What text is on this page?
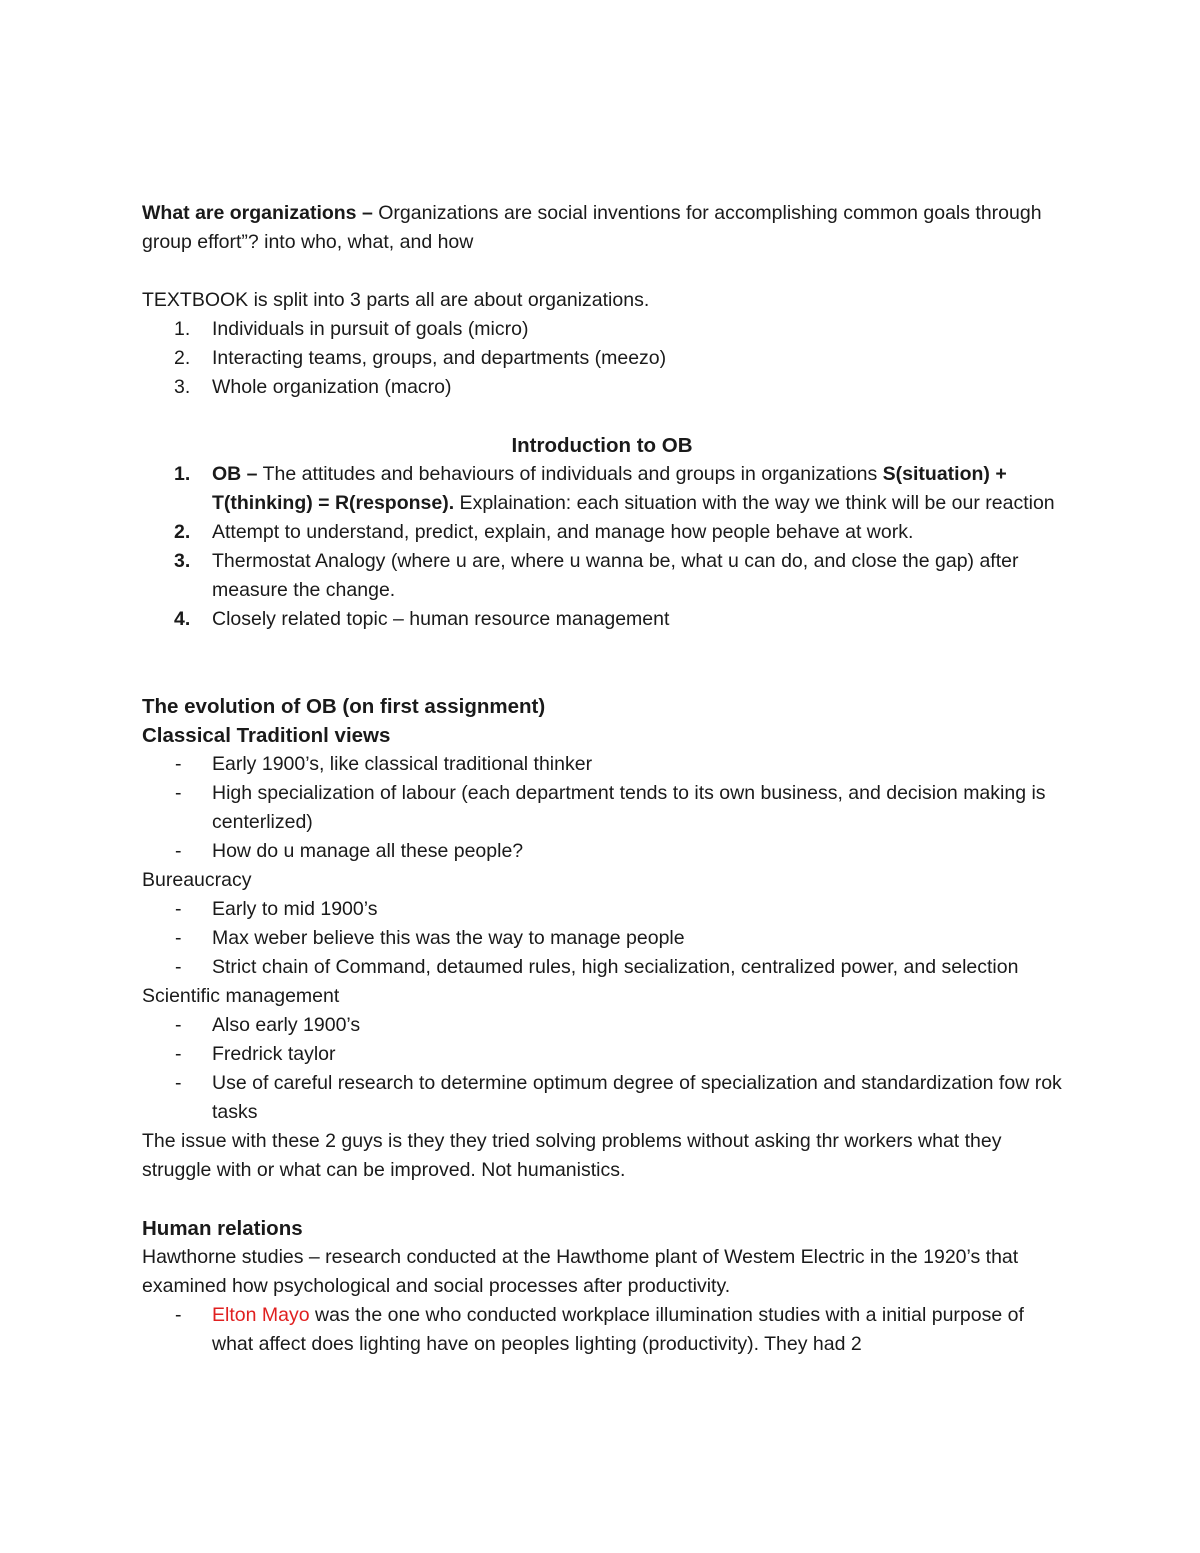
What are organizations – Organizations are social inventions for accomplishing common goals through group effort”? into who, what, and how

TEXTBOOK is split into 3 parts all are about organizations.

1. Individuals in pursuit of goals (micro)
2. Interacting teams, groups, and departments (meezo)
3. Whole organization (macro)

Introduction to OB

1. OB – The attitudes and behaviours of individuals and groups in organizations S(situation) + T(thinking) = R(response). Explaination: each situation with the way we think will be our reaction
2. Attempt to understand, predict, explain, and manage how people behave at work.
3. Thermostat Analogy (where u are, where u wanna be, what u can do, and close the gap) after measure the change.
4. Closely related topic – human resource management

The evolution of OB (on first assignment)

Classical Traditionl views

- Early 1900’s, like classical traditional thinker
- High specialization of labour (each department tends to its own business, and decision making is centerlized)
- How do u manage all these people?

Bureaucracy

- Early to mid 1900’s
- Max weber believe this was the way to manage people
- Strict chain of Command, detaumed rules, high secialization, centralized power, and selection

Scientific management

- Also early 1900’s
- Fredrick taylor
- Use of careful research to determine optimum degree of specialization and standardization fow rok tasks

The issue with these 2 guys is they they tried solving problems without asking thr workers what they struggle with or what can be improved. Not humanistics.

Human relations

Hawthorne studies – research conducted at the Hawthome plant of Westem Electric in the 1920’s that examined how psychological and social processes after productivity.

- Elton Mayo was the one who conducted workplace illumination studies with a initial purpose of what affect does lighting have on peoples lighting (productivity). They had 2
